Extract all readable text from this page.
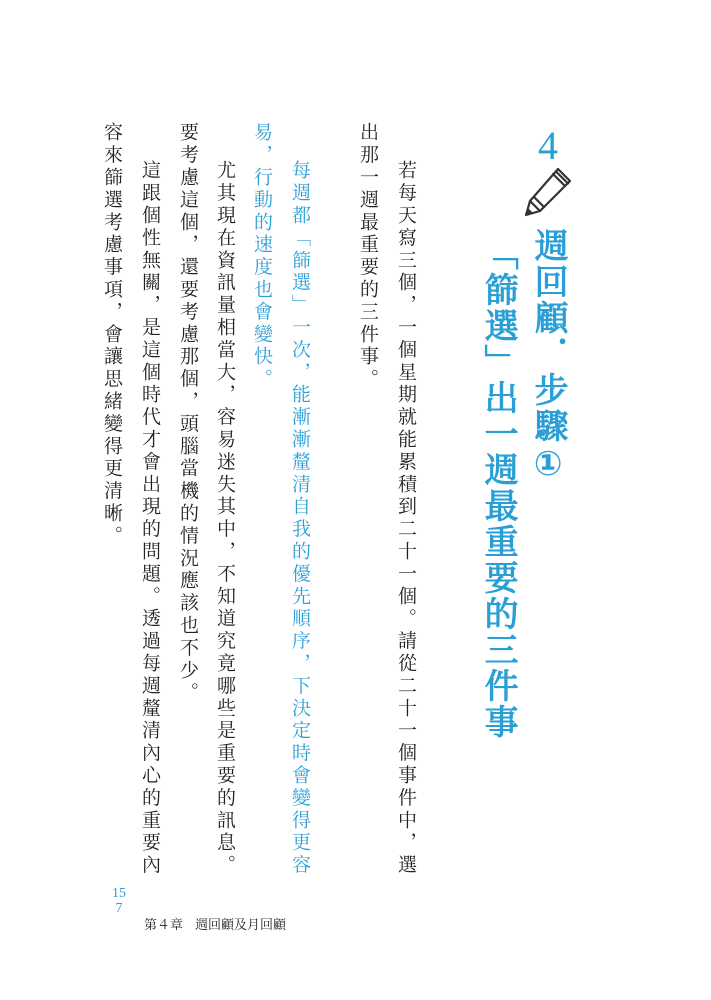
4
週回顧．步驟①
「篩選」出一週最重要的三件事
若每天寫三個，一個星期就能累積到二十一個。請從二十一個事件中，選
出那一週最重要的三件事。
每週都「篩選」一次，能漸漸釐清自我的優先順序，下決定時會變得更容
易，行動的速度也會變快。
尤其現在資訊量相當大，容易迷失其中，不知道究竟哪些是重要的訊息。
要考慮這個，還要考慮那個，頭腦當機的情況應該也不少。
這跟個性無關，是這個時代才會出現的問題。透過每週釐清內心的重要內
容來篩選考慮事項，會讓思緒變得更清晰。
157
第４章 週回顧及月回顧
